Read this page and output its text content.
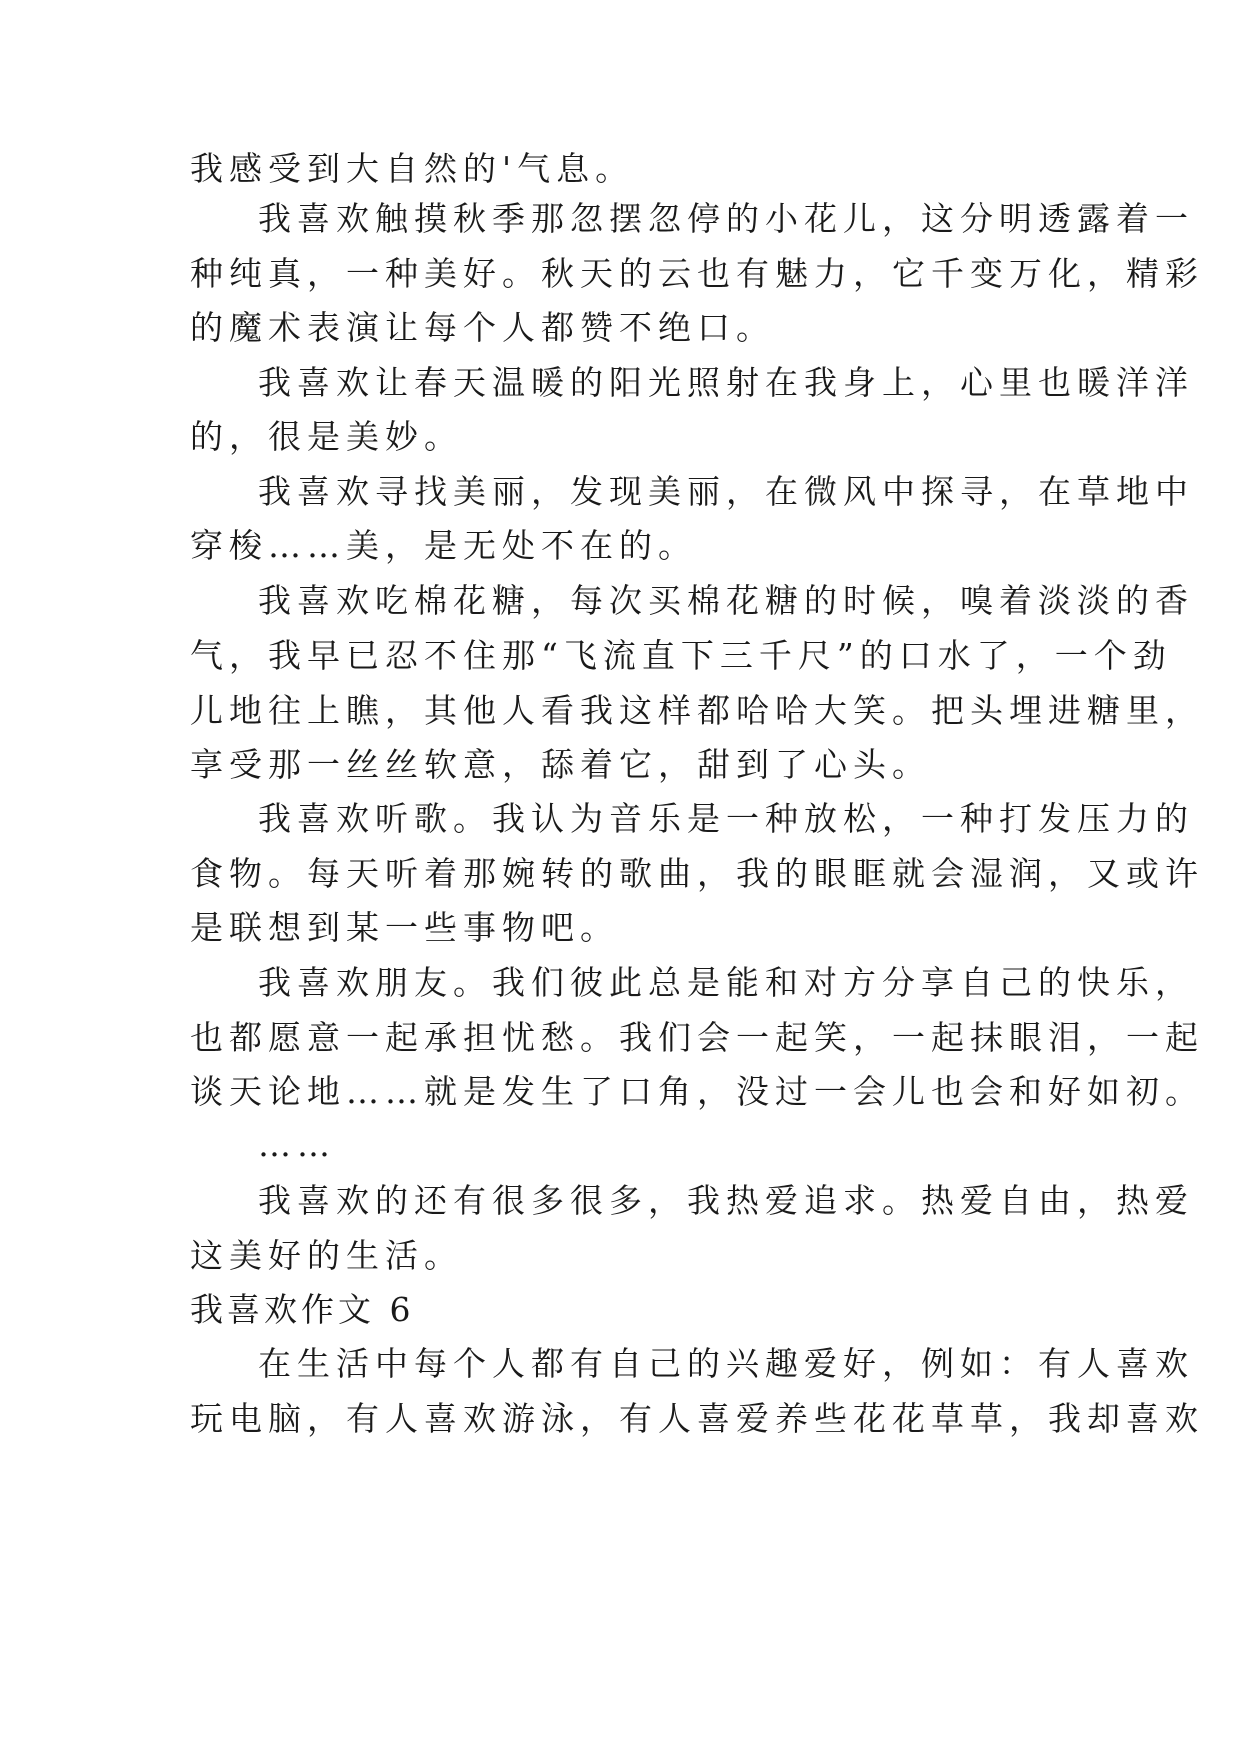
我感受到大自然的'气息。
我喜欢触摸秋季那忽摆忽停的小花儿，这分明透露着一
种纯真，一种美好。秋天的云也有魅力，它千变万化，精彩
的魔术表演让每个人都赞不绝口。
我喜欢让春天温暖的阳光照射在我身上，心里也暖洋洋
的，很是美妙。
我喜欢寻找美丽，发现美丽，在微风中探寻，在草地中
穿梭……美，是无处不在的。
我喜欢吃棉花糖，每次买棉花糖的时候，嗅着淡淡的香
气，我早已忍不住那“飞流直下三千尺”的口水了，一个劲
儿地往上瞧，其他人看我这样都哈哈大笑。把头埋进糖里，
享受那一丝丝软意，舔着它，甜到了心头。
我喜欢听歌。我认为音乐是一种放松，一种打发压力的
食物。每天听着那婉转的歌曲，我的眼眶就会湿润，又或许
是联想到某一些事物吧。
我喜欢朋友。我们彼此总是能和对方分享自己的快乐，
也都愿意一起承担忧愁。我们会一起笑，一起抹眼泪，一起
谈天论地……就是发生了口角，没过一会儿也会和好如初。
……
我喜欢的还有很多很多，我热爱追求。热爱自由，热爱
这美好的生活。
我喜欢作文 6
在生活中每个人都有自己的兴趣爱好，例如：有人喜欢
玩电脑，有人喜欢游泳，有人喜爱养些花花草草，我却喜欢
